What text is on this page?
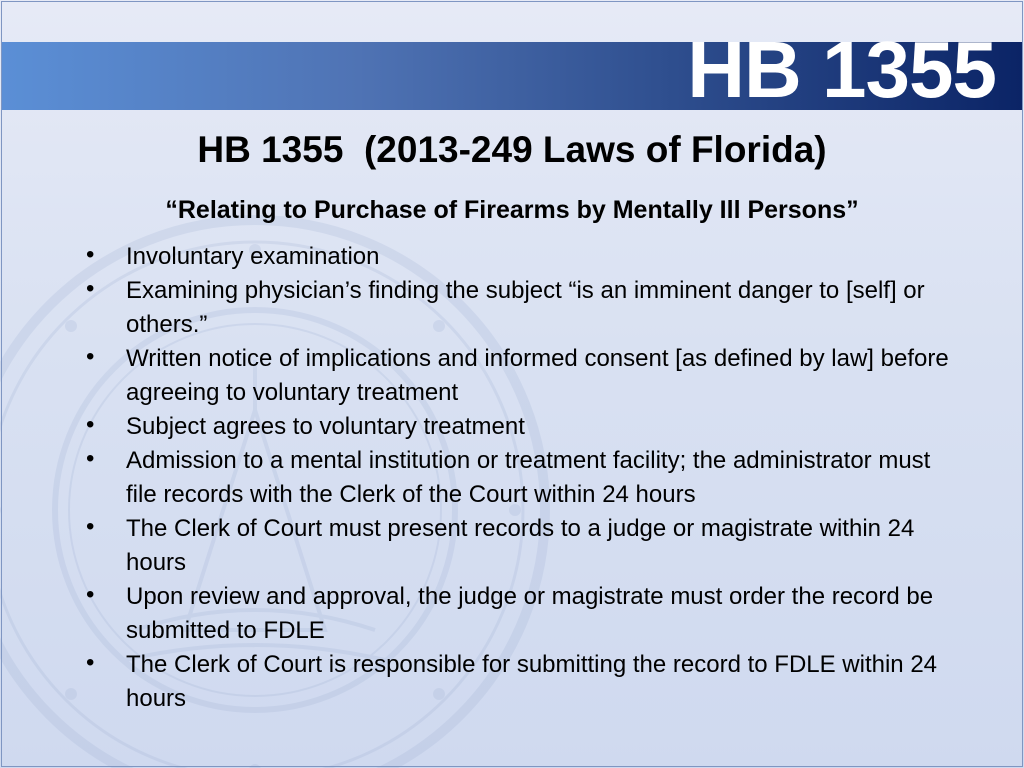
HB 1355
HB 1355  (2013-249 Laws of Florida)
“Relating to Purchase of Firearms by Mentally Ill Persons”
• Involuntary examination
• Examining physician’s finding the subject “is an imminent danger to [self] or others.”
• Written notice of implications and informed consent [as defined by law] before agreeing to voluntary treatment
• Subject agrees to voluntary treatment
• Admission to a mental institution or treatment facility; the administrator must file records with the Clerk of the Court within 24 hours
• The Clerk of Court must present records to a judge or magistrate within 24 hours
• Upon review and approval, the judge or magistrate must order the record be submitted to FDLE
• The Clerk of Court is responsible for submitting the record to FDLE within 24 hours
